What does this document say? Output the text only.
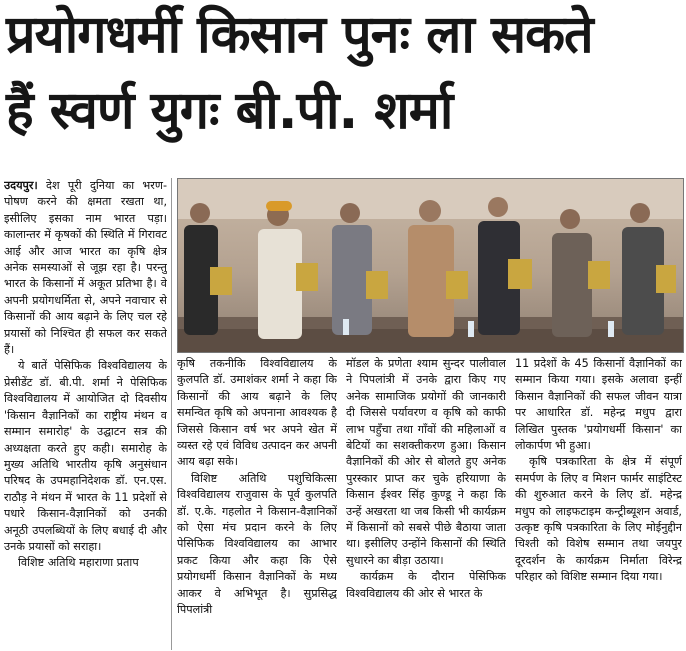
प्रयोगधर्मी किसान पुनः ला सकते
हैं स्वर्ण युगः बी.पी. शर्मा

उदयपुर। देश पूरी दुनिया का भरण-पोषण करने की क्षमता रखता था, इसीलिए इसका नाम भारत पड़ा। कालान्तर में कृषकों की स्थिति में गिरावट आई और आज भारत का कृषि क्षेत्र अनेक समस्याओं से जूझ रहा है। परन्तु भारत के किसानों में अकूत प्रतिभा है। वे अपनी प्रयोगधर्मिता से, अपने नवाचार से किसानों की आय बढ़ाने के लिए चल रहे प्रयासों को निश्चित ही सफल कर सकते हैं।

ये बातें पेसिफिक विश्वविद्यालय के प्रेसीडेंट डॉ. बी.पी. शर्मा ने पेसिफिक विश्वविद्यालय में आयोजित दो दिवसीय 'किसान वैज्ञानिकों का राष्ट्रीय मंथन व सम्मान समारोह' के उद्घाटन सत्र की अध्यक्षता करते हुए कही। समारोह के मुख्य अतिथि भारतीय कृषि अनुसंधान परिषद के उपमहानिदेशक डॉ. एन.एस. राठौड़ ने मंथन में भारत के 11 प्रदेशों से पधारे किसान-वैज्ञानिकों को उनकी अनूठी उपलब्धियों के लिए बधाई दी और उनके प्रयासों को सराहा।

विशिष्ट अतिथि महाराणा प्रताप

कृषि तकनीकि विश्वविद्यालय के कुलपति डॉ. उमाशंकर शर्मा ने कहा कि किसानों की आय बढ़ाने के लिए समन्वित कृषि को अपनाना आवश्यक है जिससे किसान वर्ष भर अपने खेत में व्यस्त रहे एवं विविध उत्पादन कर अपनी आय बढ़ा सके।

विशिष्ट अतिथि पशुचिकित्सा विश्वविद्यालय राजुवास के पूर्व कुलपति डॉ. ए.के. गहलोत ने किसान-वैज्ञानिकों को ऐसा मंच प्रदान करने के लिए पेसिफिक विश्वविद्यालय का आभार प्रकट किया और कहा कि ऐसे प्रयोगधर्मी किसान वैज्ञानिकों के मध्य आकर वे अभिभूत है। सुप्रसिद्ध पिपलांत्री

मॉडल के प्रणेता श्याम सुन्दर पालीवाल ने पिपलांत्री में उनके द्वारा किए गए अनेक सामाजिक प्रयोगों की जानकारी दी जिससे पर्यावरण व कृषि को काफी लाभ पहुँचा तथा गाँवों की महिलाओं व बेटियों का सशक्तीकरण हुआ। किसान वैज्ञानिकों की ओर से बोलते हुए अनेक पुरस्कार प्राप्त कर चुके हरियाणा के किसान ईश्वर सिंह कुण्डू ने कहा कि उन्हें अखरता था जब किसी भी कार्यक्रम में किसानों को सबसे पीछे बैठाया जाता था। इसीलिए उन्होंने किसानों की स्थिति सुधारने का बीड़ा उठाया।

कार्यक्रम के दौरान पेसिफिक विश्वविद्यालय की ओर से भारत के

11 प्रदेशों के 45 किसानों वैज्ञानिकों का सम्मान किया गया। इसके अलावा इन्हीं किसान वैज्ञानिकों की सफल जीवन यात्रा पर आधारित डॉ. महेन्द्र मधुप द्वारा लिखित पुस्तक 'प्रयोगधर्मी किसान' का लोकार्पण भी हुआ।

कृषि पत्रकारिता के क्षेत्र में संपूर्ण समर्पण के लिए व मिशन फार्मर साइंटिस्ट की शुरुआत करने के लिए डॉ. महेन्द्र मधुप को लाइफटाइम कन्ट्रीब्यूशन अवार्ड, उत्कृष्ट कृषि पत्रकारिता के लिए मोईनुद्दीन चिश्ती को विशेष सम्मान तथा जयपुर दूरदर्शन के कार्यक्रम निर्माता विरेन्द्र परिहार को विशिष्ट सम्मान दिया गया।
